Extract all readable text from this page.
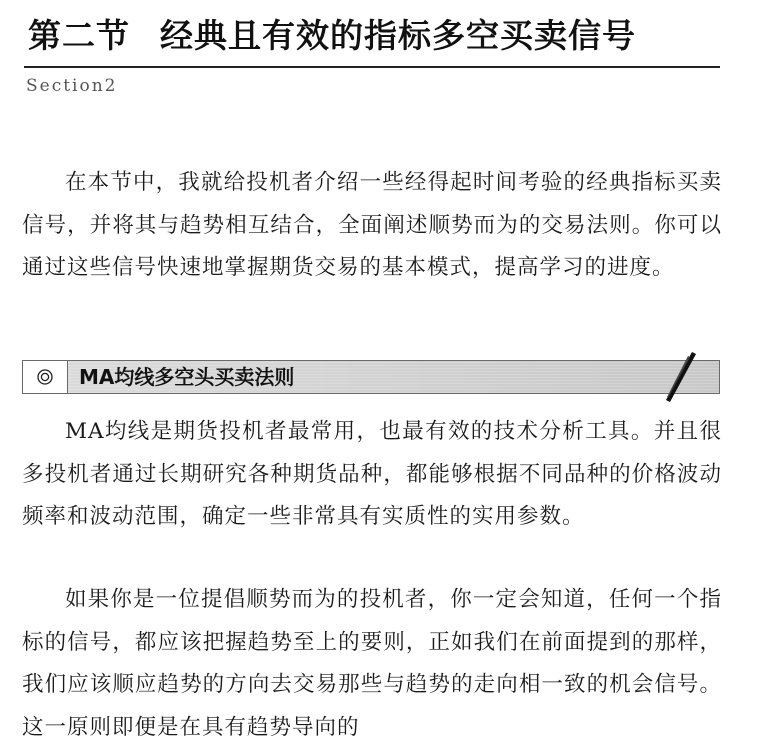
第二节 经典且有效的指标多空买卖信号
Section2

在本节中，我就给投机者介绍一些经得起时间考验的经典指标买卖信号，并将其与趋势相互结合，全面阐述顺势而为的交易法则。你可以通过这些信号快速地掌握期货交易的基本模式，提高学习的进度。

MA均线多空头买卖法则

MA均线是期货投机者最常用，也最有效的技术分析工具。并且很多投机者通过长期研究各种期货品种，都能够根据不同品种的价格波动频率和波动范围，确定一些非常具有实质性的实用参数。

如果你是一位提倡顺势而为的投机者，你一定会知道，任何一个指标的信号，都应该把握趋势至上的要则，正如我们在前面提到的那样，我们应该顺应趋势的方向去交易那些与趋势的走向相一致的机会信号。这一原则即便是在具有趋势导向的
